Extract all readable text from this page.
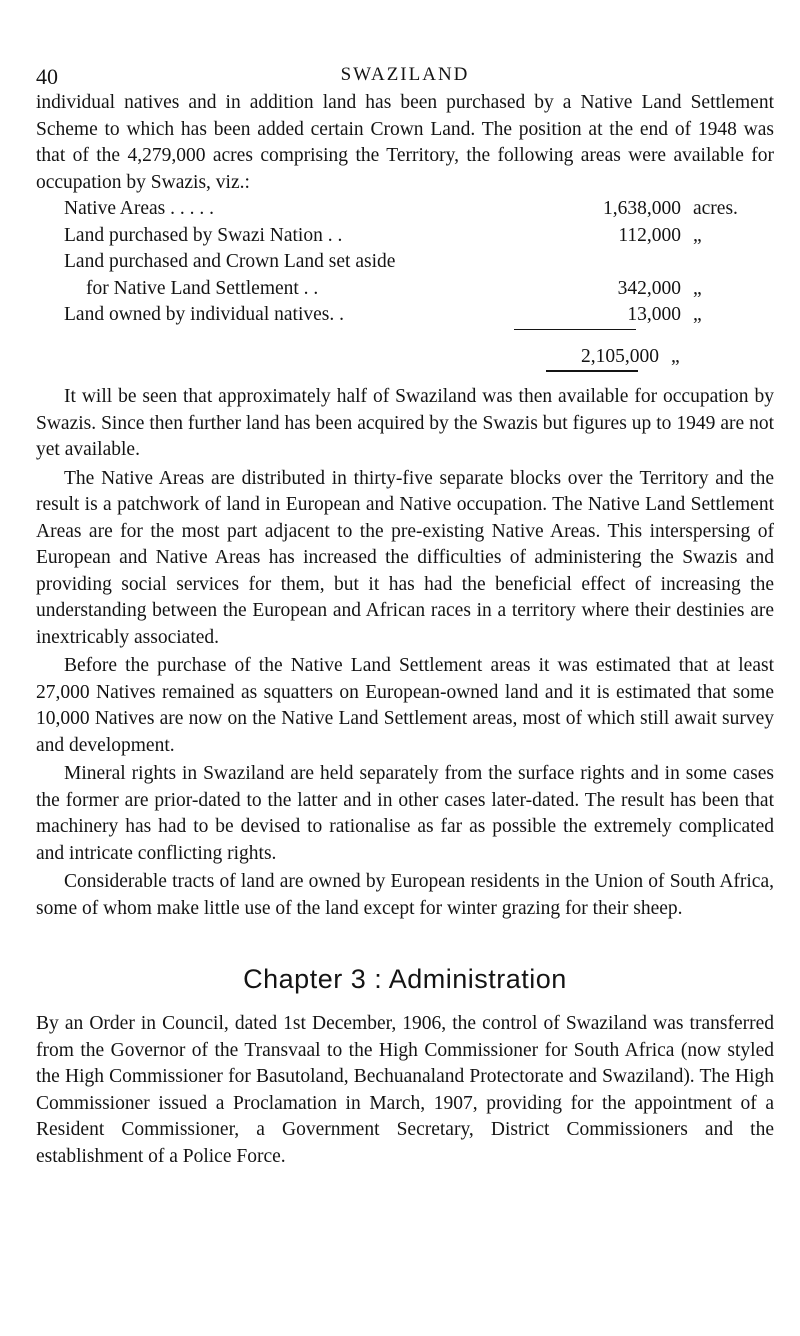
40	SWAZILAND

individual natives and in addition land has been purchased by a Native Land Settlement Scheme to which has been added certain Crown Land. The position at the end of 1948 was that of the 4,279,000 acres comprising the Territory, the following areas were available for occupation by Swazis, viz.:

Native Areas . . . . .	1,638,000	acres.
Land purchased by Swazi Nation . .	112,000	„
Land purchased and Crown Land set aside		
for Native Land Settlement . .	342,000	„
Land owned by individual natives. .	13,000	„
	2,105,000	„

It will be seen that approximately half of Swaziland was then available for occupation by Swazis. Since then further land has been acquired by the Swazis but figures up to 1949 are not yet available.

The Native Areas are distributed in thirty-five separate blocks over the Territory and the result is a patchwork of land in European and Native occupation. The Native Land Settlement Areas are for the most part adjacent to the pre-existing Native Areas. This interspersing of European and Native Areas has increased the difficulties of administering the Swazis and providing social services for them, but it has had the beneficial effect of increasing the understanding between the European and African races in a territory where their destinies are inextricably associated.

Before the purchase of the Native Land Settlement areas it was estimated that at least 27,000 Natives remained as squatters on European-owned land and it is estimated that some 10,000 Natives are now on the Native Land Settlement areas, most of which still await survey and development.

Mineral rights in Swaziland are held separately from the surface rights and in some cases the former are prior-dated to the latter and in other cases later-dated. The result has been that machinery has had to be devised to rationalise as far as possible the extremely complicated and intricate conflicting rights.

Considerable tracts of land are owned by European residents in the Union of South Africa, some of whom make little use of the land except for winter grazing for their sheep.

Chapter 3 : Administration

By an Order in Council, dated 1st December, 1906, the control of Swaziland was transferred from the Governor of the Transvaal to the High Commissioner for South Africa (now styled the High Commissioner for Basutoland, Bechuanaland Protectorate and Swaziland). The High Commissioner issued a Proclamation in March, 1907, providing for the appointment of a Resident Commissioner, a Government Secretary, District Commissioners and the establishment of a Police Force.
